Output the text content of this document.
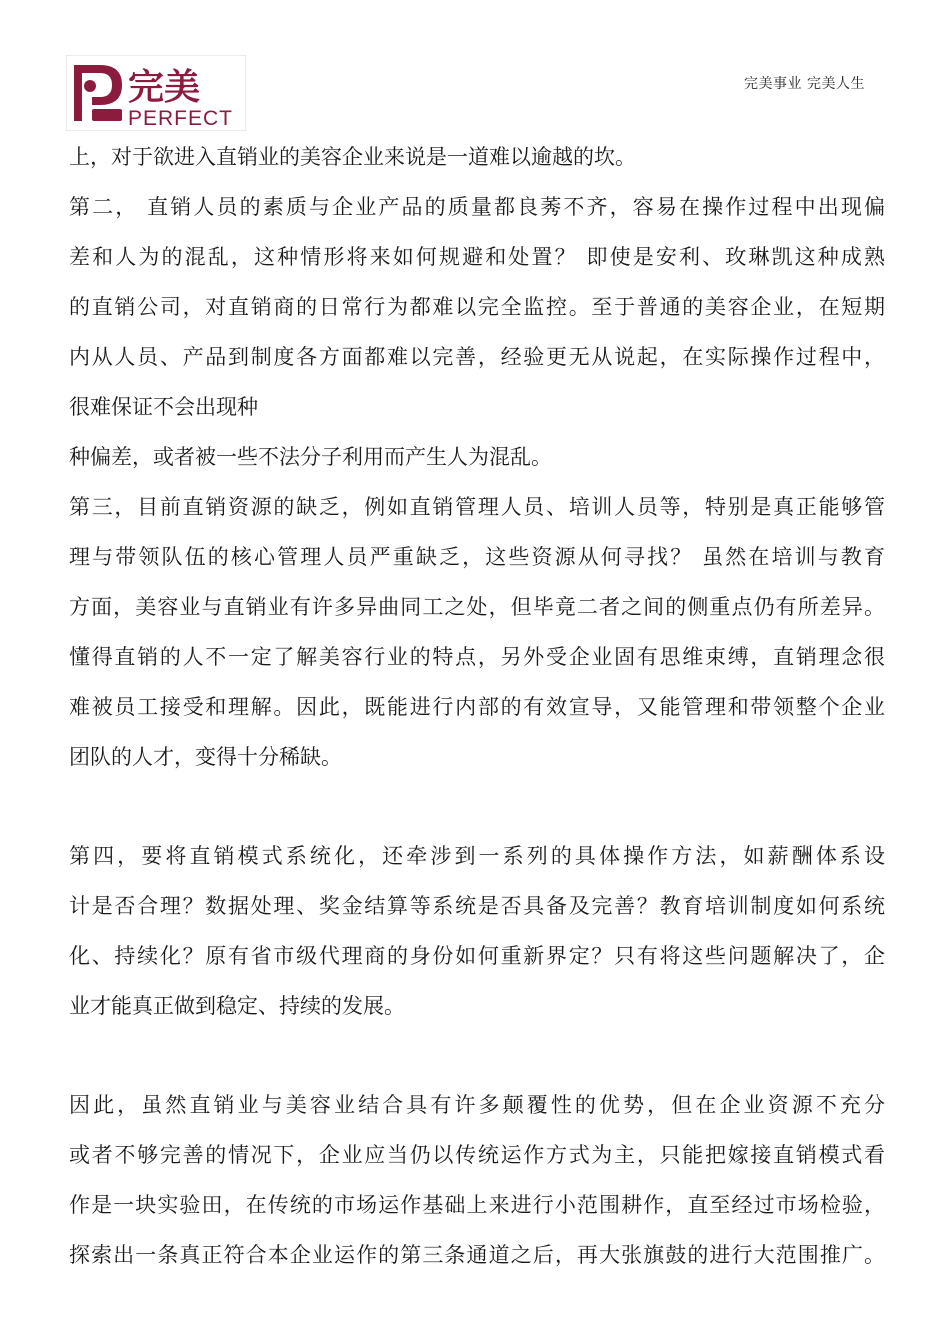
完美
PERFECT
完美事业 完美人生
上，对于欲进入直销业的美容企业来说是一道难以逾越的坎。
第二， 直销人员的素质与企业产品的质量都良莠不齐，容易在操作过程中出现偏
差和人为的混乱，这种情形将来如何规避和处置？ 即使是安利、玫琳凯这种成熟
的直销公司，对直销商的日常行为都难以完全监控。至于普通的美容企业，在短期
内从人员、产品到制度各方面都难以完善，经验更无从说起，在实际操作过程中，
很难保证不会出现种
种偏差，或者被一些不法分子利用而产生人为混乱。
第三，目前直销资源的缺乏，例如直销管理人员、培训人员等，特别是真正能够管
理与带领队伍的核心管理人员严重缺乏，这些资源从何寻找？ 虽然在培训与教育
方面，美容业与直销业有许多异曲同工之处，但毕竟二者之间的侧重点仍有所差异。
懂得直销的人不一定了解美容行业的特点，另外受企业固有思维束缚，直销理念很
难被员工接受和理解。因此，既能进行内部的有效宣导，又能管理和带领整个企业
团队的人才，变得十分稀缺。
第四，要将直销模式系统化，还牵涉到一系列的具体操作方法，如薪酬体系设
计是否合理？数据处理、奖金结算等系统是否具备及完善？教育培训制度如何系统
化、持续化？原有省市级代理商的身份如何重新界定？只有将这些问题解决了，企
业才能真正做到稳定、持续的发展。
因此，虽然直销业与美容业结合具有许多颠覆性的优势，但在企业资源不充分
或者不够完善的情况下，企业应当仍以传统运作方式为主，只能把嫁接直销模式看
作是一块实验田，在传统的市场运作基础上来进行小范围耕作，直至经过市场检验，
探索出一条真正符合本企业运作的第三条通道之后，再大张旗鼓的进行大范围推广。
